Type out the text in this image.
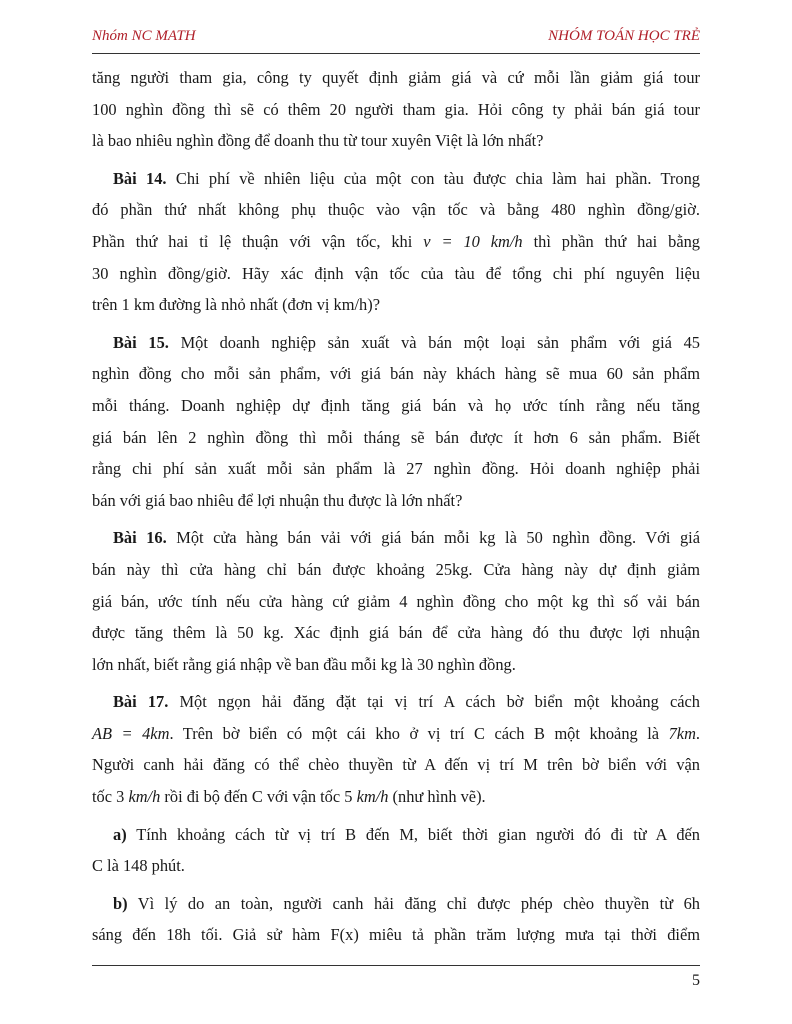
Nhóm NC MATH	NHÓM TOÁN HỌC TRẺ
tăng người tham gia, công ty quyết định giảm giá và cứ mỗi lần giảm giá tour
100 nghìn đồng thì sẽ có thêm 20 người tham gia. Hỏi công ty phải bán giá tour
là bao nhiêu nghìn đồng để doanh thu từ tour xuyên Việt là lớn nhất?
Bài 14. Chi phí về nhiên liệu của một con tàu được chia làm hai phần. Trong
đó phần thứ nhất không phụ thuộc vào vận tốc và bằng 480 nghìn đồng/giờ.
Phần thứ hai tỉ lệ thuận với vận tốc, khi v = 10 km/h thì phần thứ hai bằng
30 nghìn đồng/giờ. Hãy xác định vận tốc của tàu để tổng chi phí nguyên liệu
trên 1 km đường là nhỏ nhất (đơn vị km/h)?
Bài 15. Một doanh nghiệp sản xuất và bán một loại sản phẩm với giá 45
nghìn đồng cho mỗi sản phẩm, với giá bán này khách hàng sẽ mua 60 sản phẩm
mỗi tháng. Doanh nghiệp dự định tăng giá bán và họ ước tính rằng nếu tăng
giá bán lên 2 nghìn đồng thì mỗi tháng sẽ bán được ít hơn 6 sản phẩm. Biết
rằng chi phí sản xuất mỗi sản phẩm là 27 nghìn đồng. Hỏi doanh nghiệp phải
bán với giá bao nhiêu để lợi nhuận thu được là lớn nhất?
Bài 16. Một cửa hàng bán vải với giá bán mỗi kg là 50 nghìn đồng. Với giá
bán này thì cửa hàng chỉ bán được khoảng 25kg. Cửa hàng này dự định giảm
giá bán, ước tính nếu cửa hàng cứ giảm 4 nghìn đồng cho một kg thì số vải bán
được tăng thêm là 50 kg. Xác định giá bán để cửa hàng đó thu được lợi nhuận
lớn nhất, biết rằng giá nhập về ban đầu mỗi kg là 30 nghìn đồng.
Bài 17. Một ngọn hải đăng đặt tại vị trí A cách bờ biển một khoảng cách
AB = 4km. Trên bờ biển có một cái kho ở vị trí C cách B một khoảng là 7km.
Người canh hải đăng có thể chèo thuyền từ A đến vị trí M trên bờ biển với vận
tốc 3 km/h rồi đi bộ đến C với vận tốc 5 km/h (như hình vẽ).
a) Tính khoảng cách từ vị trí B đến M, biết thời gian người đó đi từ A đến
C là 148 phút.
b) Vì lý do an toàn, người canh hải đăng chỉ được phép chèo thuyền từ 6h
sáng đến 18h tối. Giả sử hàm F(x) miêu tả phần trăm lượng mưa tại thời điểm
5
